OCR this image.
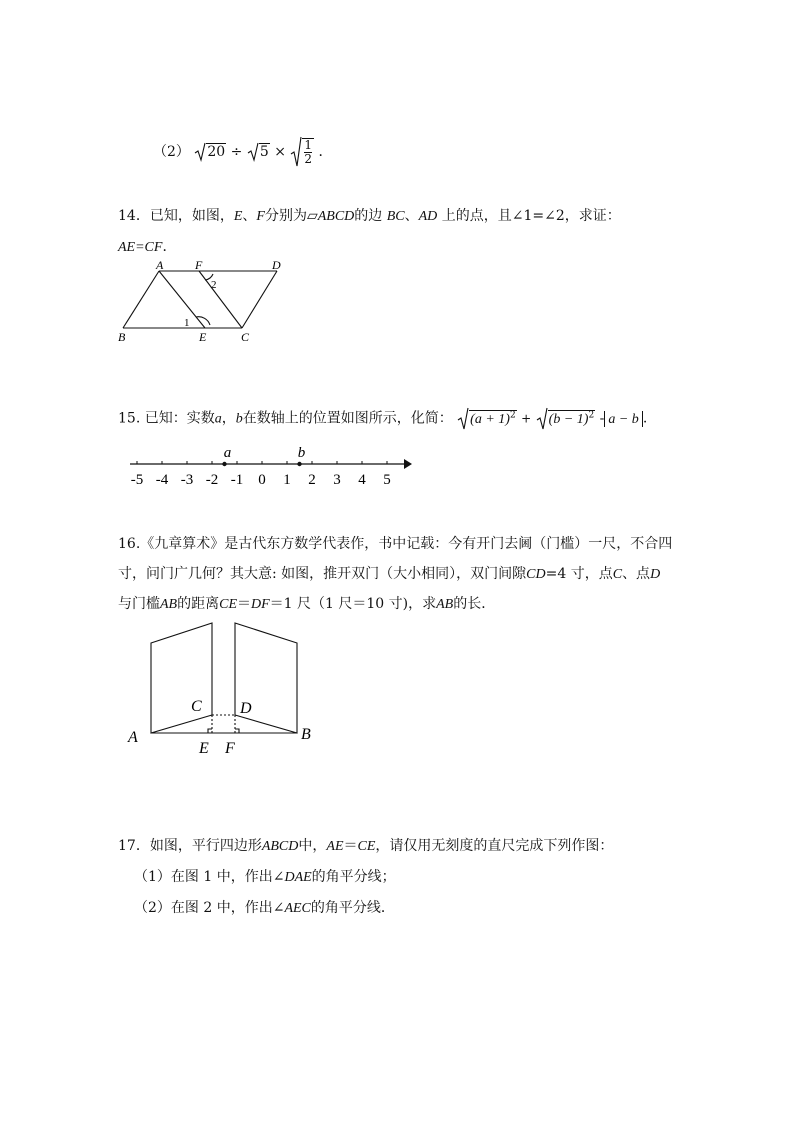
（2） $20 \div 5 \times \frac{1}{2}$ ．
14．已知，如图，E、F分别为▱ABCD的边 BC、AD 上的点，且∠1=∠2，求证：
AE=CF．
A	F	D
B	E	C
1
2
15. 已知：实数a，b在数轴上的位置如图所示，化简： $(a + 1)^2 + (b - 1)^2 - a - b$ .
-5 -4 -3 -2 -1 0 1 2 3 4 5
a	b
16.《九章算术》是古代东方数学代表作，书中记载：今有开门去阃（门槛）一尺，不合四
寸，问门广几何？其大意: 如图，推开双门（大小相同），双门间隙CD=4 寸，点C、点D
与门槛AB的距离CE＝DF＝1 尺（1 尺＝10 寸)，求AB的长．
A	B
C D
E F
17．如图，平行四边形ABCD中，AE＝CE，请仅用无刻度的直尺完成下列作图：
（1）在图 1 中，作出∠DAE的角平分线；
（2）在图 2 中，作出∠AEC的角平分线．
